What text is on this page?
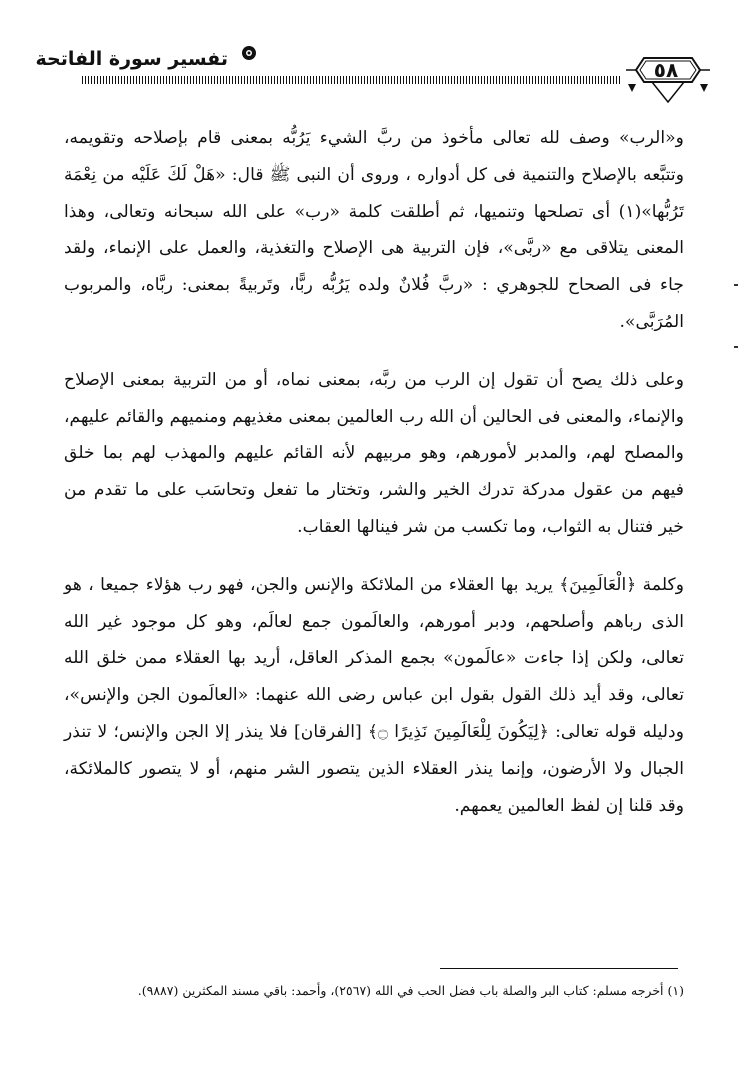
تفسير سورة الفاتحة	٥٨

و«الرب» وصف لله تعالى مأخوذ من ربَّ الشيء يَرُبُّه بمعنى قام بإصلاحه وتقويمه، وتتبَّعه بالإصلاح والتنمية فى كل أدواره ، وروى أن النبى ﷺ قال: «هَلْ لَكَ عَلَيْه من نِعْمَة تَرُبُّها»(١) أى تصلحها وتنميها، ثم أطلقت كلمة «رب» على الله سبحانه وتعالى، وهذا المعنى يتلاقى مع «ربَّى»، فإن التربية هى الإصلاح والتغذية، والعمل على الإنماء، ولقد جاء فى الصحاح للجوهري : «ربَّ فُلانٌ ولده يَرُبُّه ربًّا، وتَربيةً بمعنى: ربَّاه، والمربوب المُرَبَّى».

وعلى ذلك يصح أن تقول إن الرب من ربَّه، بمعنى نماه، أو من التربية بمعنى الإصلاح والإنماء، والمعنى فى الحالين أن الله رب العالمين بمعنى مغذيهم ومنميهم والقائم عليهم، والمصلح لهم، والمدبر لأمورهم، وهو مربيهم لأنه القائم عليهم والمهذب لهم بما خلق فيهم من عقول مدركة تدرك الخير والشر، وتختار ما تفعل وتحاسَب على ما تقدم من خير فتنال به الثواب، وما تكسب من شر فينالها العقاب.

وكلمة ﴿الْعَالَمِينَ﴾ يريد بها العقلاء من الملائكة والإنس والجن، فهو رب هؤلاء جميعا ، هو الذى رباهم وأصلحهم، ودبر أمورهم، والعالَمون جمع لعالَم، وهو كل موجود غير الله تعالى، ولكن إذا جاءت «عالَمون» بجمع المذكر العاقل، أريد بها العقلاء ممن خلق الله تعالى، وقد أيد ذلك القول بقول ابن عباس رضى الله عنهما: «العالَمون الجن والإنس»، ودليله قوله تعالى: ﴿لِيَكُونَ لِلْعَالَمِينَ نَذِيرًا ۝﴾ [الفرقان] فلا ينذر إلا الجن والإنس؛ لا تنذر الجبال ولا الأرضون، وإنما ينذر العقلاء الذين يتصور الشر منهم، أو لا يتصور كالملائكة، وقد قلنا إن لفظ العالمين يعمهم.

(١) أخرجه مسلم: كتاب البر والصلة باب فضل الحب في الله (٢٥٦٧)، وأحمد: باقي مسند المكثرين (٩٨٨٧).
